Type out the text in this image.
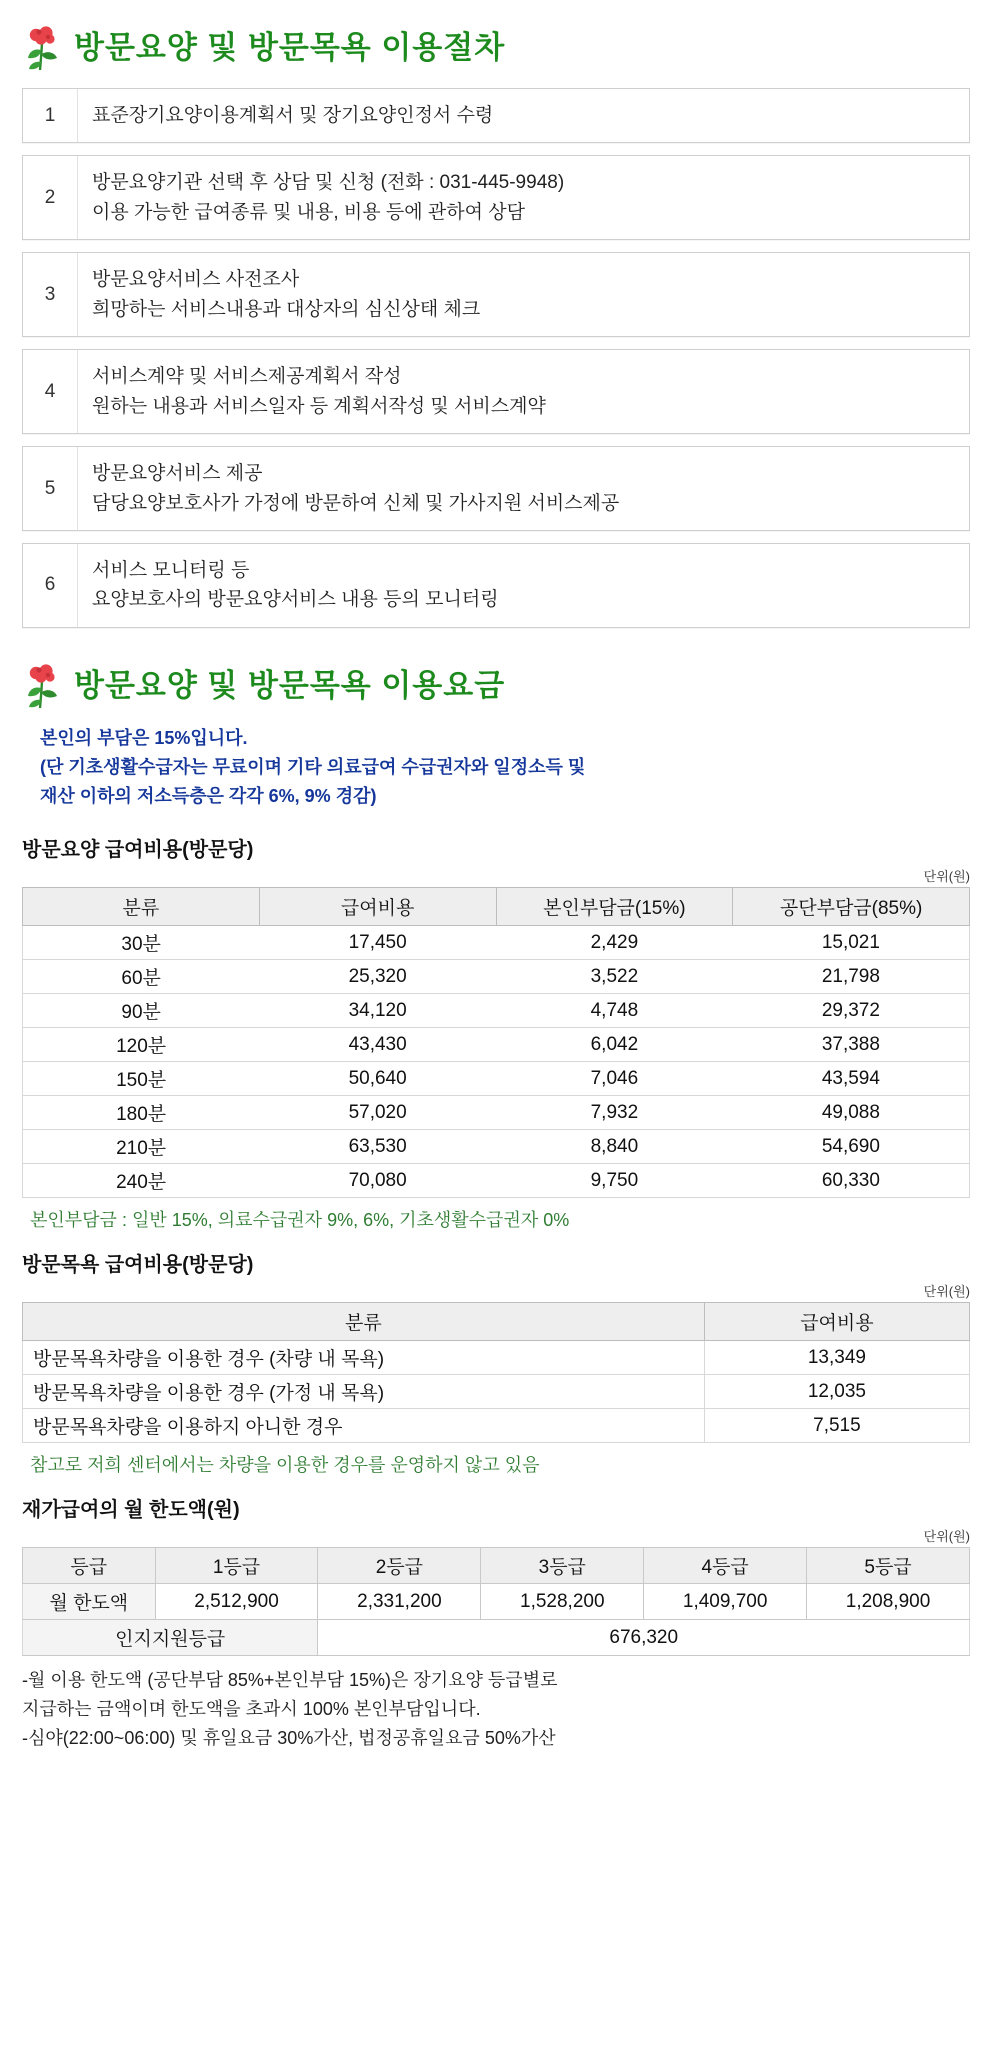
방문요양 및 방문목욕 이용절차
1	표준장기요양이용계획서 및 장기요양인정서 수령
2
방문요양기관 선택 후 상담 및 신청 (전화 : 031-445-9948)
이용 가능한 급여종류 및 내용, 비용 등에 관하여 상담
3
방문요양서비스 사전조사
희망하는 서비스내용과 대상자의 심신상태 체크
4
서비스계약 및 서비스제공계획서 작성
원하는 내용과 서비스일자 등 계획서작성 및 서비스계약
5
방문요양서비스 제공
담당요양보호사가 가정에 방문하여 신체 및 가사지원 서비스제공
6
서비스 모니터링 등
요양보호사의 방문요양서비스 내용 등의 모니터링
방문요양 및 방문목욕 이용요금
본인의 부담은 15%입니다.
(단 기초생활수급자는 무료이며 기타 의료급여 수급권자와 일정소득 및
재산 이하의 저소득층은 각각 6%, 9% 경감)
방문요양 급여비용(방문당)
단위(원)
분류	급여비용	본인부담금(15%)	공단부담금(85%)
30분	17,450	2,429	15,021
60분	25,320	3,522	21,798
90분	34,120	4,748	29,372
120분	43,430	6,042	37,388
150분	50,640	7,046	43,594
180분	57,020	7,932	49,088
210분	63,530	8,840	54,690
240분	70,080	9,750	60,330
본인부담금 : 일반 15%, 의료수급권자 9%, 6%, 기초생활수급권자 0%
방문목욕 급여비용(방문당)
단위(원)
분류	급여비용
방문목욕차량을 이용한 경우 (차량 내 목욕)	13,349
방문목욕차량을 이용한 경우 (가정 내 목욕)	12,035
방문목욕차량을 이용하지 아니한 경우	7,515
참고로 저희 센터에서는 차량을 이용한 경우를 운영하지 않고 있음
재가급여의 월 한도액(원)
단위(원)
등급	1등급	2등급	3등급	4등급	5등급
월 한도액	2,512,900	2,331,200	1,528,200	1,409,700	1,208,900
인지지원등급		676,320			
-월 이용 한도액 (공단부담 85%+본인부담 15%)은 장기요양 등급별로
지급하는 금액이며 한도액을 초과시 100% 본인부담입니다.
-심야(22:00~06:00) 및 휴일요금 30%가산, 법정공휴일요금 50%가산
